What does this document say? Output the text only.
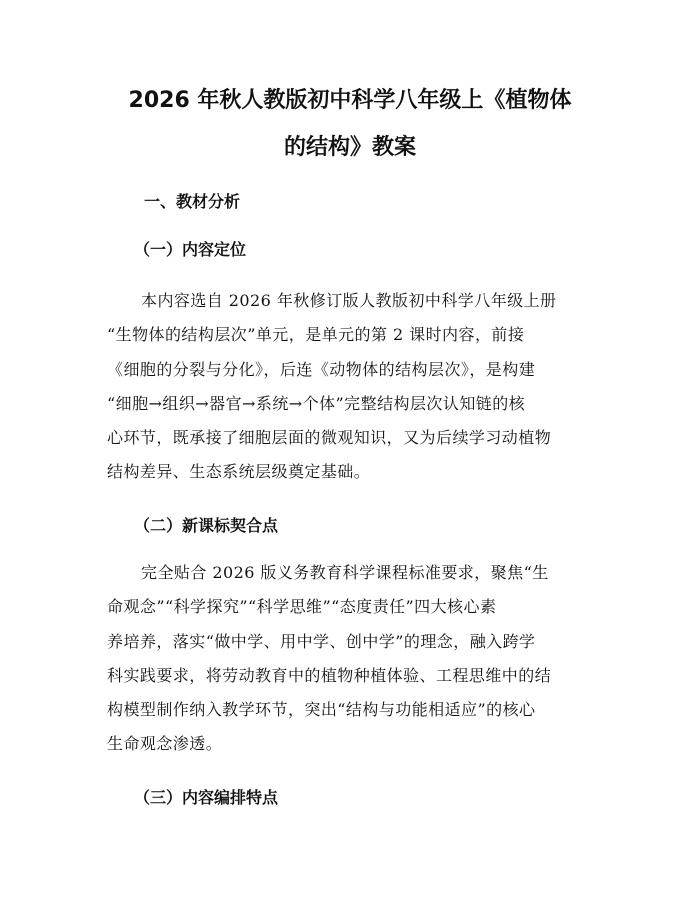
2026 年秋人教版初中科学八年级上《植物体
的结构》教案
一、教材分析
（一）内容定位
本内容选自 2026 年秋修订版人教版初中科学八年级上册
“生物体的结构层次”单元，是单元的第 2 课时内容，前接
《细胞的分裂与分化》，后连《动物体的结构层次》，是构建
“细胞→组织→器官→系统→个体”完整结构层次认知链的核
心环节，既承接了细胞层面的微观知识，又为后续学习动植物
结构差异、生态系统层级奠定基础。
（二）新课标契合点
完全贴合 2026 版义务教育科学课程标准要求，聚焦“生
命观念”“科学探究”“科学思维”“态度责任”四大核心素
养培养，落实“做中学、用中学、创中学”的理念，融入跨学
科实践要求，将劳动教育中的植物种植体验、工程思维中的结
构模型制作纳入教学环节，突出“结构与功能相适应”的核心
生命观念渗透。
（三）内容编排特点
